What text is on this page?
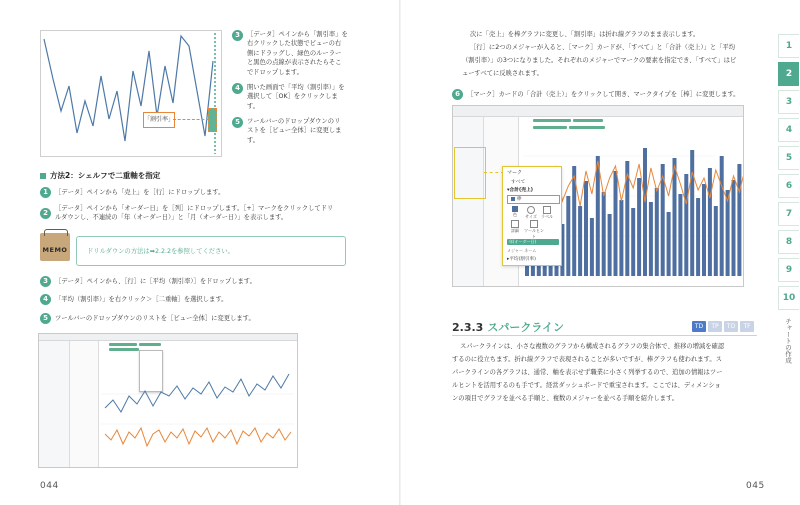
「割引率」
3	［データ］ペインから「割引率」を
右クリックした状態でビューの右
側にドラッグし、緑色のルーラー
と黒色の点線が表示されたらそこ
でドロップします。
4	開いた画面で「平均（割引率）」を
選択して［OK］をクリックしま
す。
5	ツールバーのドロップダウンのリ
ストを［ビュー全体］に変更しま
す。
方法2：シェルフで二重軸を指定
1	［データ］ペインから「売上」を［行］にドロップします。
2
［データ］ペインから「オーダー日」を［列］にドロップします。［+］マークをクリックしてドリ
ルダウンし、不連続の「年（オーダー日）」と「月（オーダー日）」を表示します。
MEMO	ドリルダウンの方法は➡2.2.2を参照してください。
3	［データ］ペインから、［行］に［平均（割引率）］をドロップします。
4	「平均（割引率）」を右クリック＞［二重軸］を選択します。
5	ツールバーのドロップダウンのリストを［ビュー全体］に変更します。
044
次に「売上」を棒グラフに変更し、「割引率」は折れ線グラフのまま表示します。
［行］に2つのメジャーが入ると、［マーク］カードが、「すべて」と「合計（売上）」と「平均
（割引率）」の3つになりました。それぞれのメジャーでマークの要素を指定でき、「すべて」はビ
ューすべてに反映されます。
6	［マーク］カードの「合計（売上）」をクリックして開き、マークタイプを［棒］に変更します。
マーク
すべて
▾合計(売上)
棒
色	サイズ	ラベル
詳細	ツールヒント
年(オーダー日)
メジャー ネーム
▸平均(割引率)
2.3.3 スパークライン	TD	TP	TO	TF
スパークラインは、小さな複数のグラフから構成されるグラフの集合体で、推移の増減を確認
するのに役立ちます。折れ線グラフで表現されることが多いですが、棒グラフも使われます。ス
パークラインの各グラフは、通常、軸を表示せず職業に小さく列挙するので、追加の情報はツー
ルヒントを活用するのも手です。経営ダッシュボードで重宝されます。ここでは、ディメンショ
ンの項目でグラフを並べる手順と、複数のメジャーを並べる手順を紹介します。
045
1
2
3
4
5
6
7
8
9
10
チャートの作成
